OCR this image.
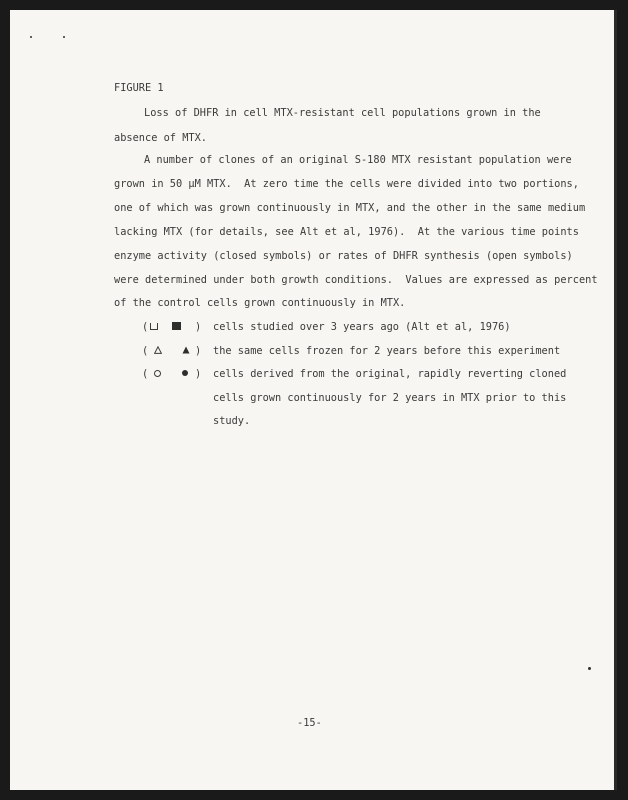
FIGURE 1
Loss of DHFR in cell MTX-resistant cell populations grown in the
absence of MTX.
A number of clones of an original S-180 MTX resistant population were
grown in 50 µM MTX.  At zero time the cells were divided into two portions,
one of which was grown continuously in MTX, and the other in the same medium
lacking MTX (for details, see Alt et al, 1976).  At the various time points
enzyme activity (closed symbols) or rates of DHFR synthesis (open symbols)
were determined under both growth conditions.  Values are expressed as percent
of the control cells grown continuously in MTX.
(	) cells studied over 3 years ago (Alt et al, 1976)
(	) the same cells frozen for 2 years before this experiment
(	) cells derived from the original, rapidly reverting cloned
cells grown continuously for 2 years in MTX prior to this
study.
-15-
